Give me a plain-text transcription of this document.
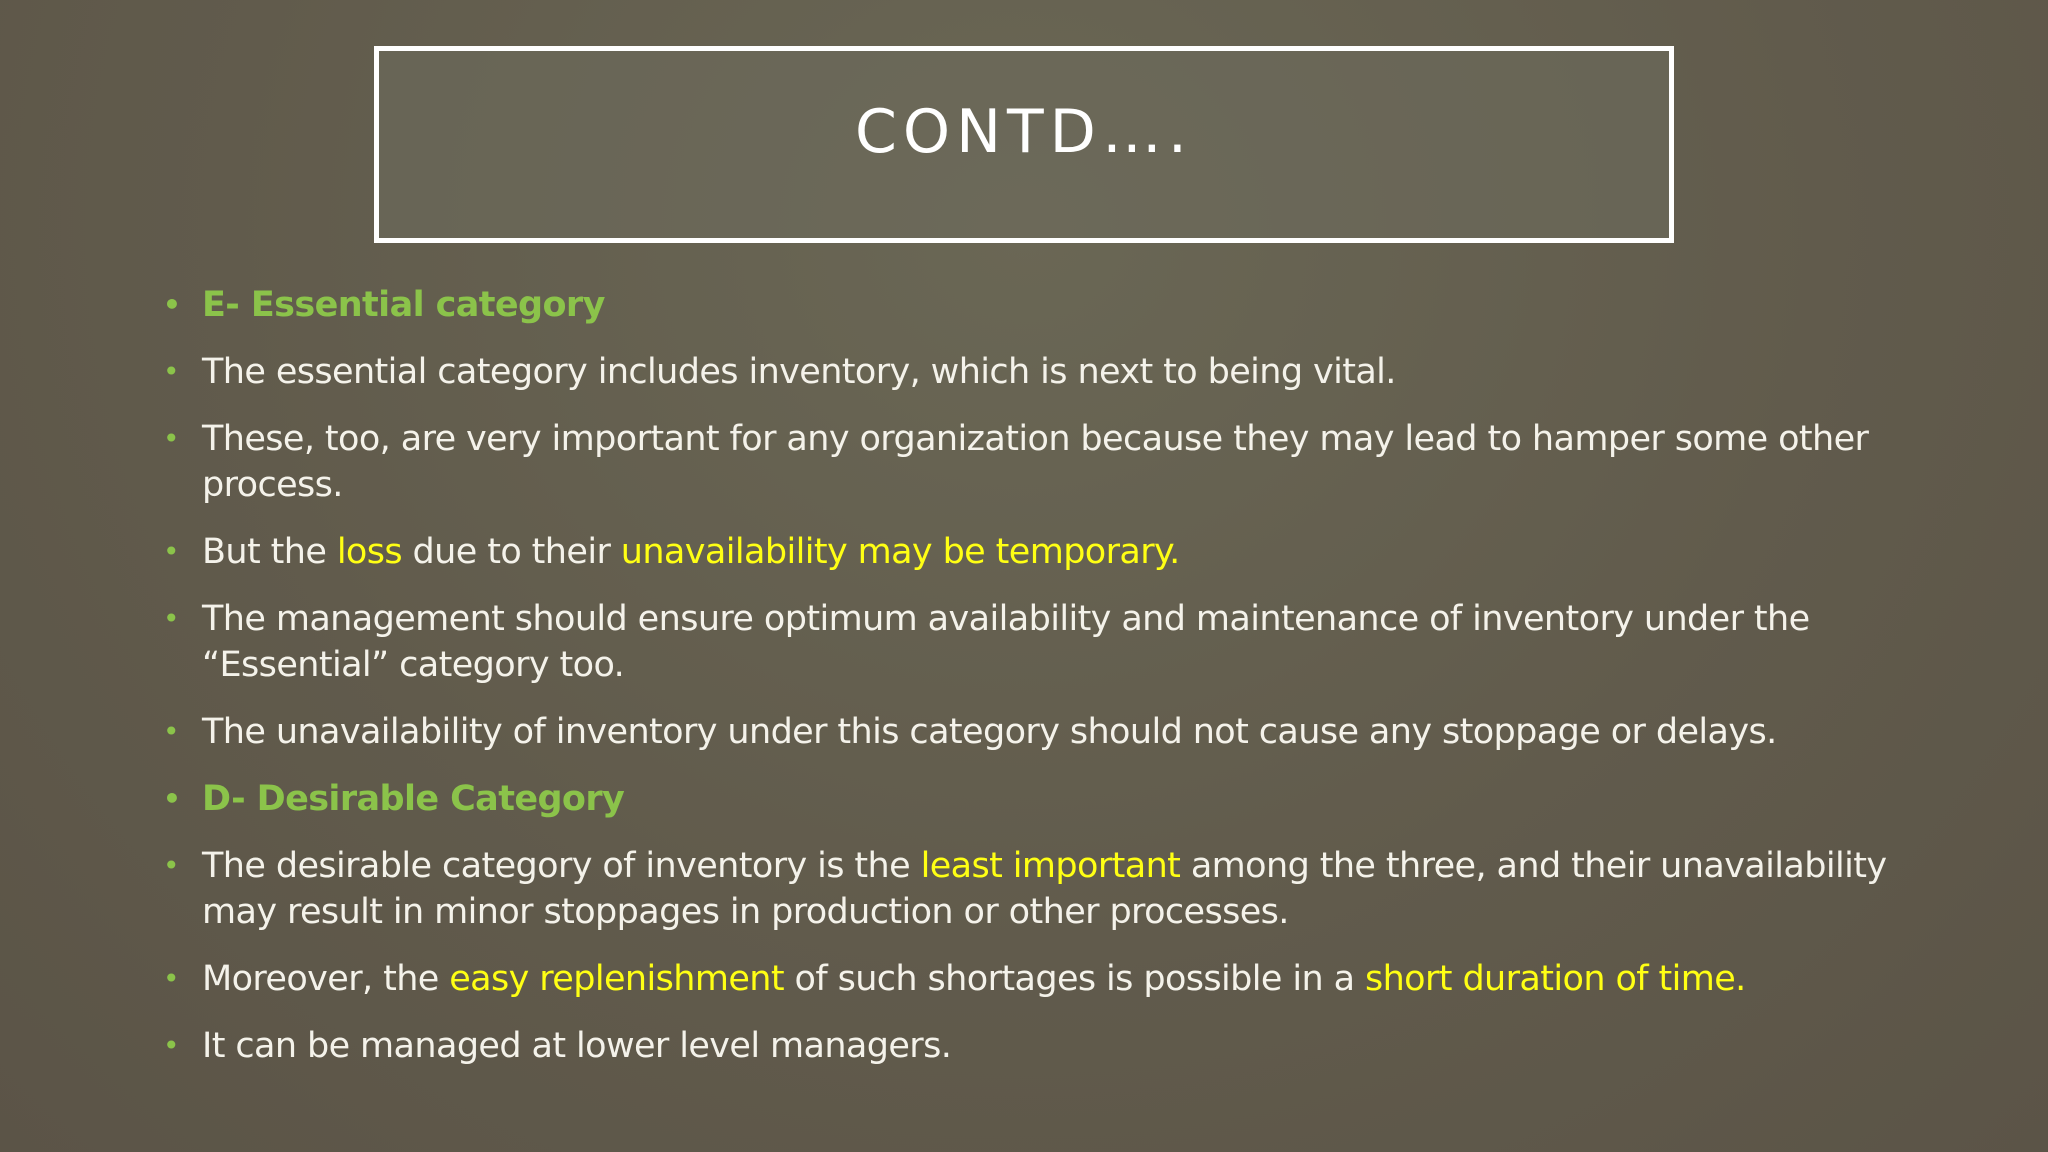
CONTD….
• E- Essential category
• The essential category includes inventory, which is next to being vital.
• These, too, are very important for any organization because they may lead to hamper some other process.
• But the loss due to their unavailability may be temporary.
• The management should ensure optimum availability and maintenance of inventory under the “Essential” category too.
• The unavailability of inventory under this category should not cause any stoppage or delays.
• D- Desirable Category
• The desirable category of inventory is the least important among the three, and their unavailability may result in minor stoppages in production or other processes.
• Moreover, the easy replenishment of such shortages is possible in a short duration of time.
• It can be managed at lower level managers.
